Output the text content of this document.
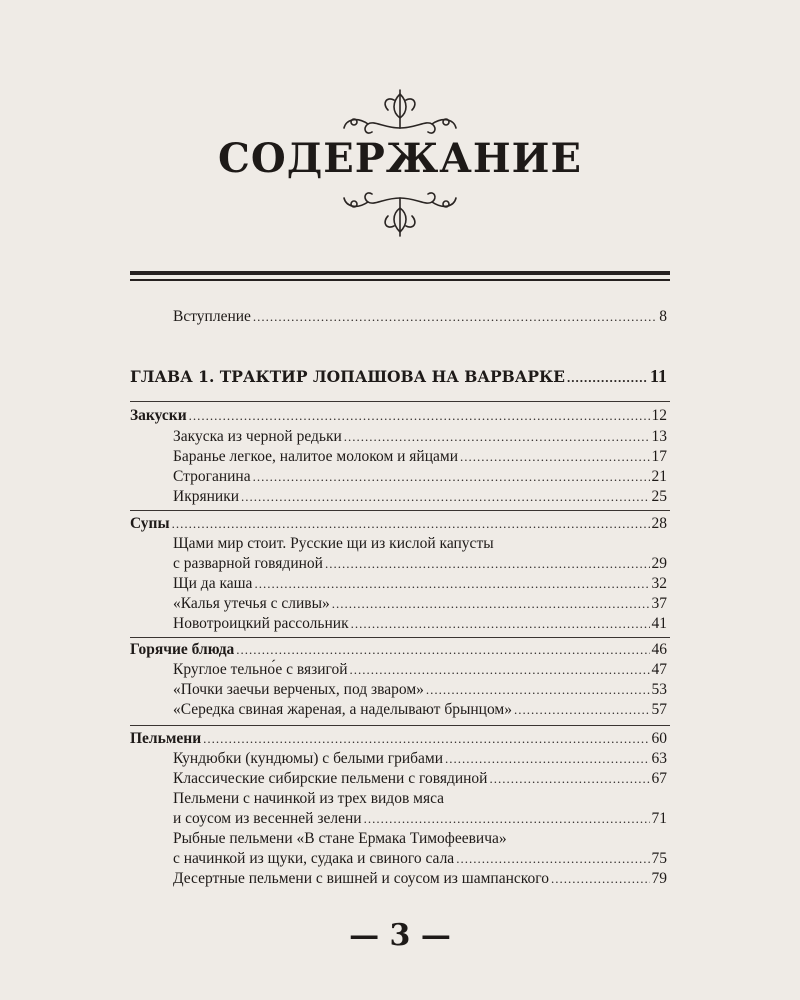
СОДЕРЖАНИЕ
Вступление .....	8
ГЛАВА 1. ТРАКТИР ЛОПАШОВА НА ВАРВАРКЕ .....	11
Закуски .....	12
Закуска из черной редьки .....	13
Баранье легкое, налитое молоком и яйцами .....	17
Строганина .....	21
Икряники .....	25
Супы .....	28
Щами мир стоит. Русские щи из кислой капусты
с разварной говядиной .....	29
Щи да каша .....	32
«Калья утечья с сливы» .....	37
Новотроицкий рассольник .....	41
Горячие блюда .....	46
Круглое тельно́е с вязигой .....	47
«Почки заечьи верченых, под зваром» .....	53
«Середка свиная жареная, а наделывают брынцом» .....	57
Пельмени .....	60
Кундюбки (кундюмы) с белыми грибами .....	63
Классические сибирские пельмени с говядиной .....	67
Пельмени с начинкой из трех видов мяса
и соусом из весенней зелени .....	71
Рыбные пельмени «В стане Ермака Тимофеевича»
с начинкой из щуки, судака и свиного сала .....	75
Десертные пельмени с вишней и соусом из шампанского .....	79
— 3 —
